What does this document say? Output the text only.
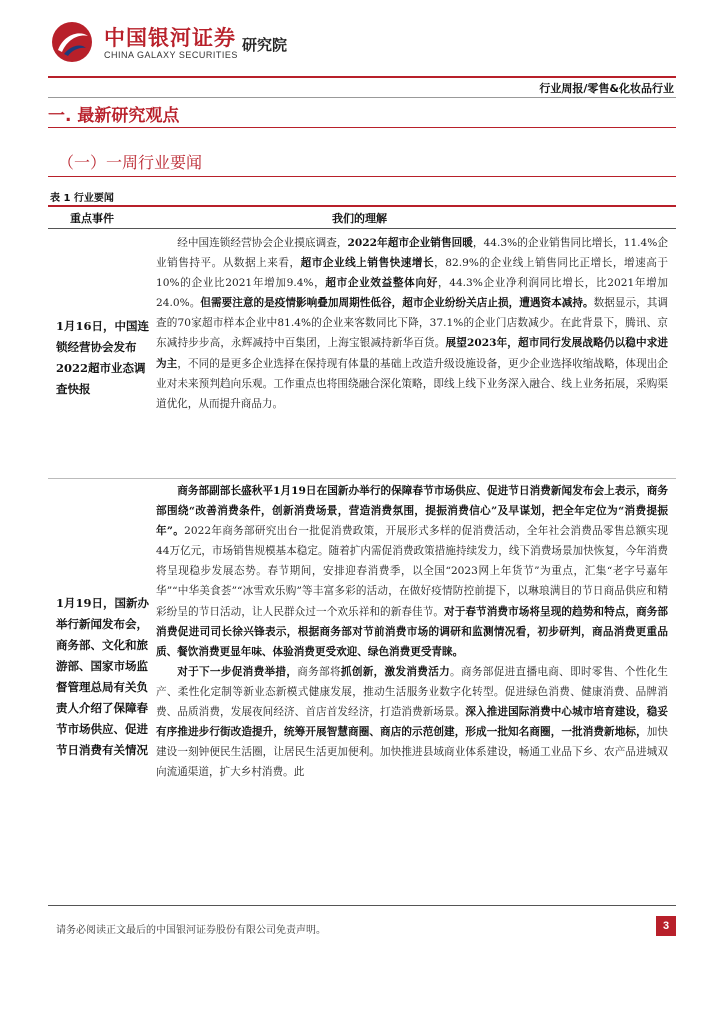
中国银河证券
CHINA GALAXY SECURITIES
研究院
行业周报/零售&化妆品行业
一. 最新研究观点
（一）一周行业要闻
表 1 行业要闻
重点事件	我们的理解
1月16日，中国连锁经营协会发布2022超市业态调查快报

经中国连锁经营协会企业摸底调查，2022年超市企业销售回暖，44.3%的企业销售同比增长，11.4%企业销售持平。从数据上来看，超市企业线上销售快速增长，82.9%的企业线上销售同比正增长，增速高于10%的企业比2021年增加9.4%，超市企业效益整体向好，44.3%企业净利润同比增长，比2021年增加24.0%。但需要注意的是疫情影响叠加周期性低谷，超市企业纷纷关店止损，遭遇资本减持。数据显示，其调查的70家超市样本企业中81.4%的企业来客数同比下降，37.1%的企业门店数减少。在此背景下，腾讯、京东减持步步高，永辉减持中百集团，上海宝银减持新华百货。展望2023年，超市同行发展战略仍以稳中求进为主，不同的是更多企业选择在保持现有体量的基础上改造升级设施设备，更少企业选择收缩战略，体现出企业对未来预判趋向乐观。工作重点也将围绕融合深化策略，即线上线下业务深入融合、线上业务拓展，采购渠道优化，从而提升商品力。

1月19日，国新办举行新闻发布会，商务部、文化和旅游部、国家市场监督管理总局有关负责人介绍了保障春节市场供应、促进节日消费有关情况

商务部副部长盛秋平1月19日在国新办举行的保障春节市场供应、促进节日消费新闻发布会上表示，商务部围绕“改善消费条件，创新消费场景，营造消费氛围，提振消费信心”及早谋划，把全年定位为“消费提振年”。2022年商务部研究出台一批促消费政策，开展形式多样的促消费活动，全年社会消费品零售总额实现44万亿元，市场销售规模基本稳定。随着扩内需促消费政策措施持续发力，线下消费场景加快恢复，今年消费将呈现稳步发展态势。春节期间，安排迎春消费季，以全国“2023网上年货节”为重点，汇集“老字号嘉年华”“中华美食荟”“冰雪欢乐购”等丰富多彩的活动，在做好疫情防控前提下，以琳琅满目的节日商品供应和精彩纷呈的节日活动，让人民群众过一个欢乐祥和的新春佳节。对于春节消费市场将呈现的趋势和特点，商务部消费促进司司长徐兴锋表示，根据商务部对节前消费市场的调研和监测情况看，初步研判，商品消费更重品质、餐饮消费更显年味、体验消费更受欢迎、绿色消费更受青睐。

对于下一步促消费举措，商务部将抓创新，激发消费活力。商务部促进直播电商、即时零售、个性化生产、柔性化定制等新业态新模式健康发展，推动生活服务业数字化转型。促进绿色消费、健康消费、品牌消费、品质消费，发展夜间经济、首店首发经济，打造消费新场景。深入推进国际消费中心城市培育建设，稳妥有序推进步行街改造提升，统筹开展智慧商圈、商店的示范创建，形成一批知名商圈，一批消费新地标，加快建设一刻钟便民生活圈，让居民生活更加便利。加快推进县域商业体系建设，畅通工业品下乡、农产品进城双向流通渠道，扩大乡村消费。此

请务必阅读正文最后的中国银河证券股份有限公司免责声明。	3
